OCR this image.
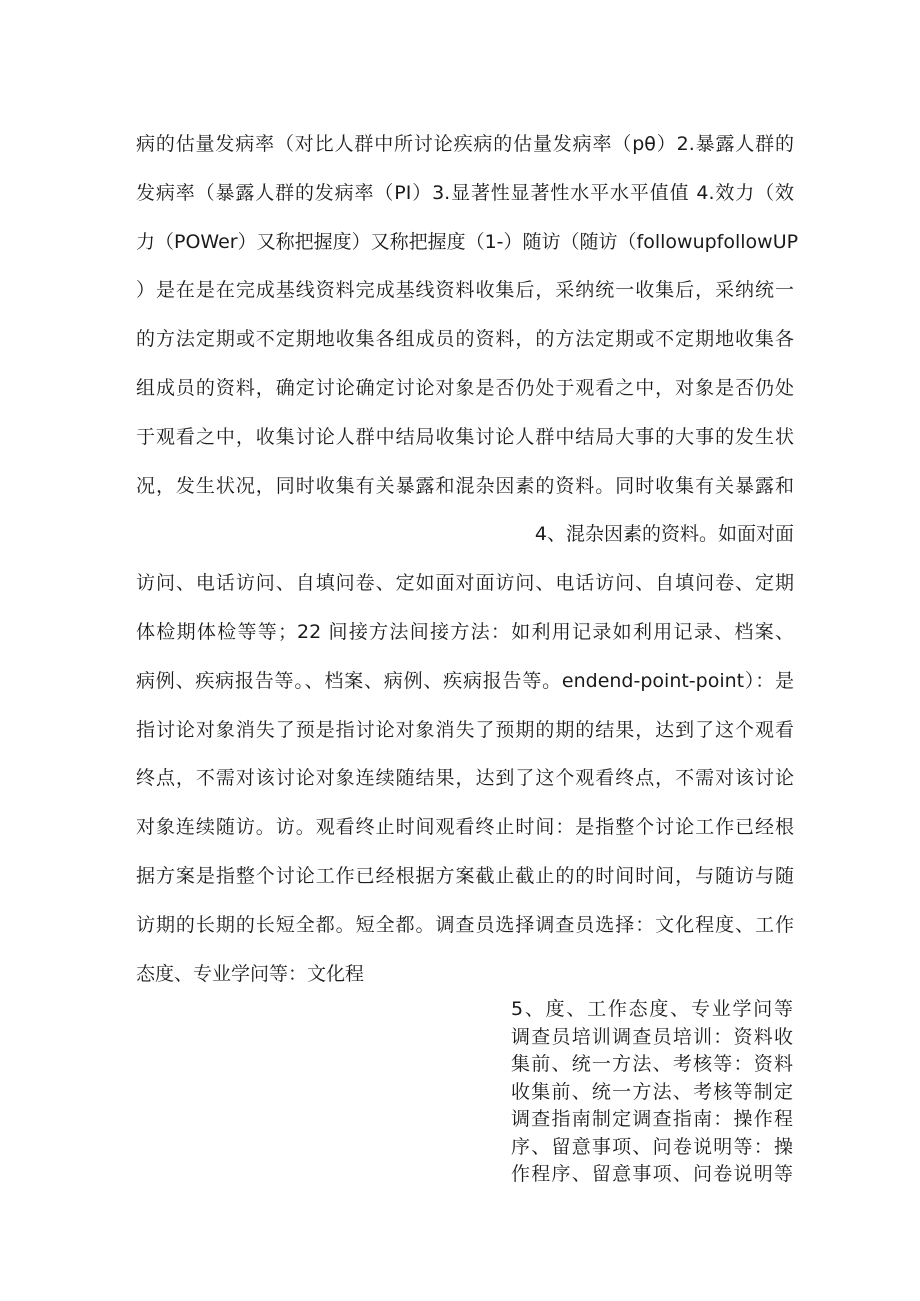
病的估量发病率（对比人群中所讨论疾病的估量发病率（pθ）2.暴露人群的
发病率（暴露人群的发病率（PI）3.显著性显著性水平水平值值 4.效力（效
力（POWer）又称把握度）又称把握度（1-）随访（随访（followupfollowUP
）是在是在完成基线资料完成基线资料收集后，采纳统一收集后，采纳统一
的方法定期或不定期地收集各组成员的资料，的方法定期或不定期地收集各
组成员的资料，确定讨论确定讨论对象是否仍处于观看之中，对象是否仍处
于观看之中，收集讨论人群中结局收集讨论人群中结局大事的大事的发生状
况，发生状况，同时收集有关暴露和混杂因素的资料。同时收集有关暴露和
4、混杂因素的资料。如面对面
访问、电话访问、自填问卷、定如面对面访问、电话访问、自填问卷、定期
体检期体检等等；22 间接方法间接方法：如利用记录如利用记录、档案、
病例、疾病报告等。、档案、病例、疾病报告等。endend-point-point）：是
指讨论对象消失了预是指讨论对象消失了预期的期的结果，达到了这个观看
终点，不需对该讨论对象连续随结果，达到了这个观看终点，不需对该讨论
对象连续随访。访。观看终止时间观看终止时间：是指整个讨论工作已经根
据方案是指整个讨论工作已经根据方案截止截止的的时间时间，与随访与随
访期的长期的长短全都。短全都。调查员选择调查员选择：文化程度、工作
态度、专业学问等：文化程
5、度、工作态度、专业学问等
调查员培训调查员培训：资料收
集前、统一方法、考核等：资料
收集前、统一方法、考核等制定
调查指南制定调查指南：操作程
序、留意事项、问卷说明等：操
作程序、留意事项、问卷说明等
